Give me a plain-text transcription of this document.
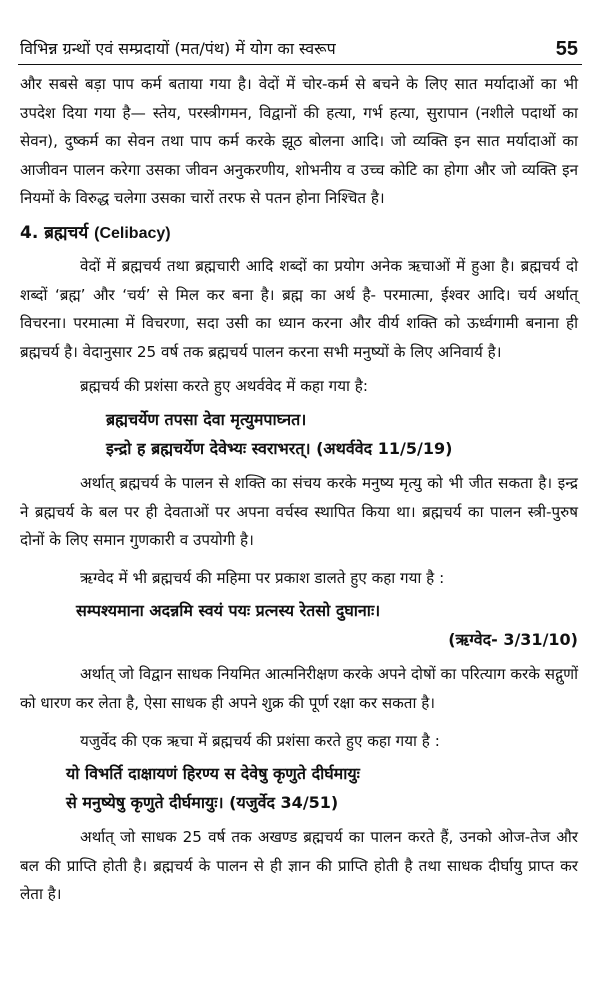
विभिन्न ग्रन्थों एवं सम्प्रदायों (मत/पंथ) में योग का स्वरूप	55

और सबसे बड़ा पाप कर्म बताया गया है। वेदों में चोर-कर्म से बचने के लिए सात मर्यादाओं का भी उपदेश दिया गया है— स्तेय, परस्त्रीगमन, विद्वानों की हत्या, गर्भ हत्या, सुरापान (नशीले पदार्थो का सेवन), दुष्कर्म का सेवन तथा पाप कर्म करके झूठ बोलना आदि। जो व्यक्ति इन सात मर्यादाओं का आजीवन पालन करेगा उसका जीवन अनुकरणीय, शोभनीय व उच्च कोटि का होगा और जो व्यक्ति इन नियमों के विरुद्ध चलेगा उसका चारों तरफ से पतन होना निश्चित है।

4. ब्रह्मचर्य (Celibacy)

वेदों में ब्रह्मचर्य तथा ब्रह्मचारी आदि शब्दों का प्रयोग अनेक ऋचाओं में हुआ है। ब्रह्मचर्य दो शब्दों ‘ब्रह्म’ और ‘चर्य’ से मिल कर बना है। ब्रह्म का अर्थ है- परमात्मा, ईश्वर आदि। चर्य अर्थात् विचरना। परमात्मा में विचरणा, सदा उसी का ध्यान करना और वीर्य शक्ति को ऊर्ध्वगामी बनाना ही ब्रह्मचर्य है। वेदानुसार 25 वर्ष तक ब्रह्मचर्य पालन करना सभी मनुष्यों के लिए अनिवार्य है।

ब्रह्मचर्य की प्रशंसा करते हुए अथर्ववेद में कहा गया है:

ब्रह्मचर्येण तपसा देवा मृत्युमपाघ्नत।
इन्द्रो ह ब्रह्मचर्येण देवेभ्यः स्वराभरत्। (अथर्ववेद 11/5/19)

अर्थात् ब्रह्मचर्य के पालन से शक्ति का संचय करके मनुष्य मृत्यु को भी जीत सकता है। इन्द्र ने ब्रह्मचर्य के बल पर ही देवताओं पर अपना वर्चस्व स्थापित किया था। ब्रह्मचर्य का पालन स्त्री-पुरुष दोनों के लिए समान गुणकारी व उपयोगी है।

ऋग्वेद में भी ब्रह्मचर्य की महिमा पर प्रकाश डालते हुए कहा गया है :

सम्पश्यमाना अदन्नमि स्वयं पयः प्रत्नस्य रेतसो दुघानाः।
(ऋग्वेद- 3/31/10)

अर्थात् जो विद्वान साधक नियमित आत्मनिरीक्षण करके अपने दोषों का परित्याग करके सद्गुणों को धारण कर लेता है, ऐसा साधक ही अपने शुक्र की पूर्ण रक्षा कर सकता है।

यजुर्वेद की एक ऋचा में ब्रह्मचर्य की प्रशंसा करते हुए कहा गया है :

यो विभर्ति दाक्षायणं हिरण्य स देवेषु कृणुते दीर्घमायुः
से मनुष्येषु कृणुते दीर्घमायुः। (यजुर्वेद 34/51)

अर्थात् जो साधक 25 वर्ष तक अखण्ड ब्रह्मचर्य का पालन करते हैं, उनको ओज-तेज और बल की प्राप्ति होती है। ब्रह्मचर्य के पालन से ही ज्ञान की प्राप्ति होती है तथा साधक दीर्घायु प्राप्त कर लेता है।
